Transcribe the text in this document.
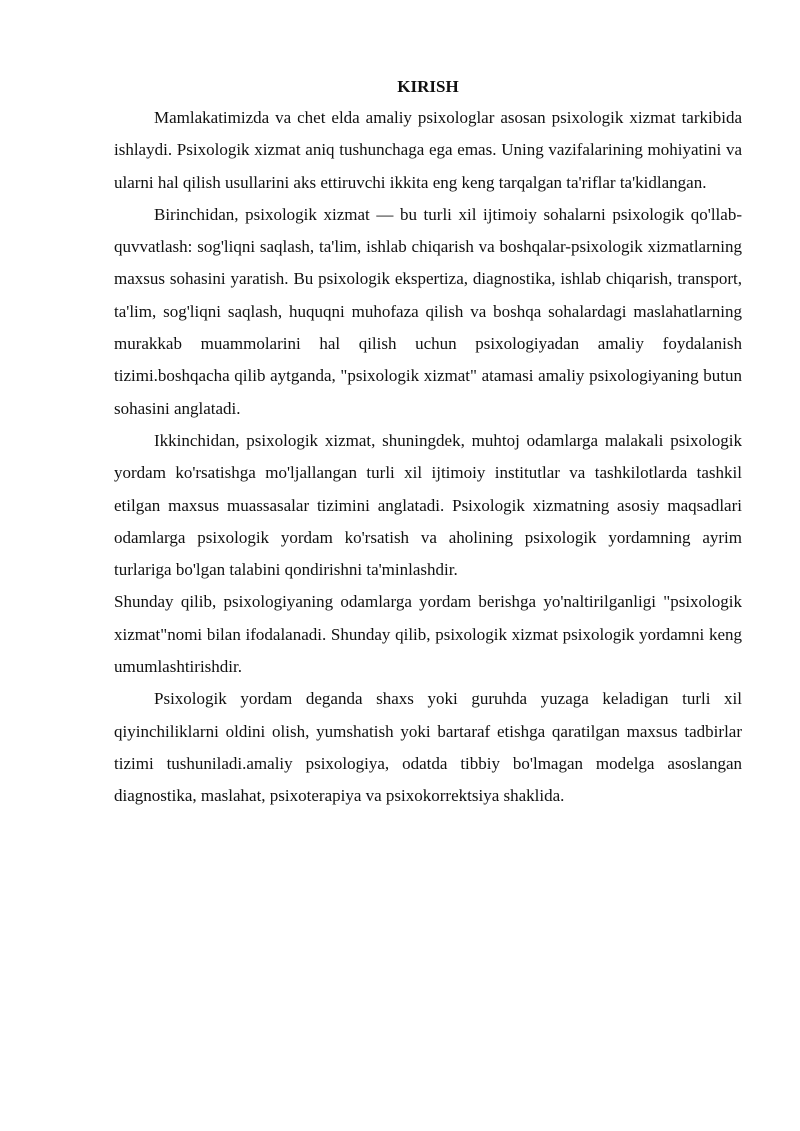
KIRISH

Mamlakatimizda va chet elda amaliy psixologlar asosan psixologik xizmat tarkibida ishlaydi. Psixologik xizmat aniq tushunchaga ega emas. Uning vazifalarining mohiyatini va ularni hal qilish usullarini aks ettiruvchi ikkita eng keng tarqalgan ta'riflar ta'kidlangan.

Birinchidan, psixologik xizmat — bu turli xil ijtimoiy sohalarni psixologik qo'llab-quvvatlash: sog'liqni saqlash, ta'lim, ishlab chiqarish va boshqalar-psixologik xizmatlarning maxsus sohasini yaratish. Bu psixologik ekspertiza, diagnostika, ishlab chiqarish, transport, ta'lim, sog'liqni saqlash, huquqni muhofaza qilish va boshqa sohalardagi maslahatlarning murakkab muammolarini hal qilish uchun psixologiyadan amaliy foydalanish tizimi.boshqacha qilib aytganda, "psixologik xizmat" atamasi amaliy psixologiyaning butun sohasini anglatadi.

Ikkinchidan, psixologik xizmat, shuningdek, muhtoj odamlarga malakali psixologik yordam ko'rsatishga mo'ljallangan turli xil ijtimoiy institutlar va tashkilotlarda tashkil etilgan maxsus muassasalar tizimini anglatadi. Psixologik xizmatning asosiy maqsadlari odamlarga psixologik yordam ko'rsatish va aholining psixologik yordamning ayrim turlariga bo'lgan talabini qondirishni ta'minlashdir.

Shunday qilib, psixologiyaning odamlarga yordam berishga yo'naltirilganligi "psixologik xizmat"nomi bilan ifodalanadi. Shunday qilib, psixologik xizmat psixologik yordamni keng umumlashtirishdir.

Psixologik yordam deganda shaxs yoki guruhda yuzaga keladigan turli xil qiyinchiliklarni oldini olish, yumshatish yoki bartaraf etishga qaratilgan maxsus tadbirlar tizimi tushuniladi.amaliy psixologiya, odatda tibbiy bo'lmagan modelga asoslangan diagnostika, maslahat, psixoterapiya va psixokorrektsiya shaklida.
